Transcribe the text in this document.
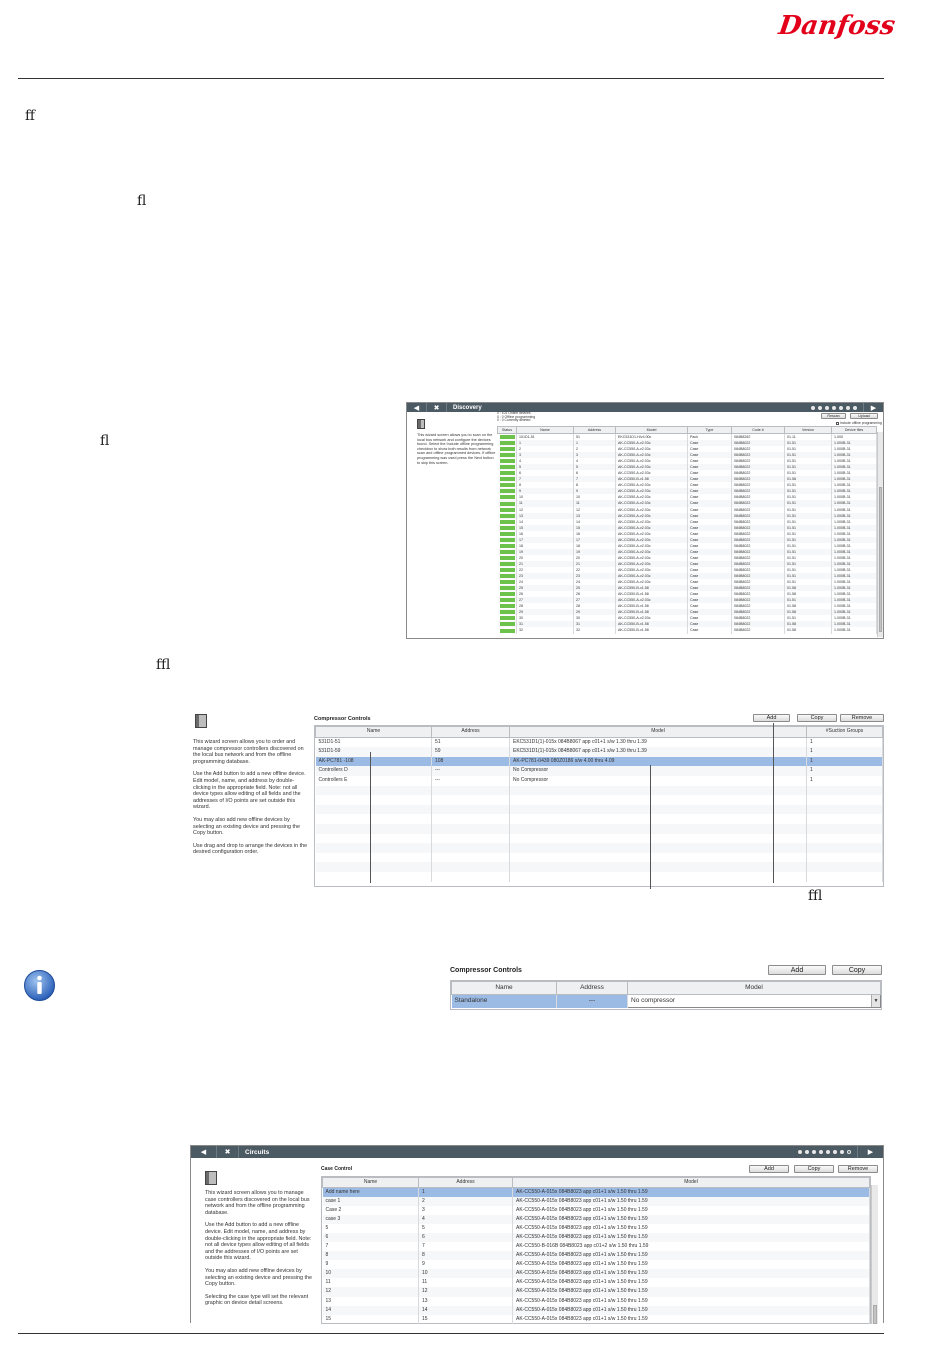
Danfoss
ﬀ
ﬂ
ﬂ
ﬄ
ﬄ
◀	✖	Discovery	▶
This wizard screen allows you to scan on the local bus network and configure the devices found. Select the Include offline programming checkbox to show both results from network scan and offline programmed devices. If offline programming was used press the Next button to skip this screen.
0 : 101 Online devices
0 : 0 Offline programming
0 : 0 Currently deleted
Rescan	Upload
Include offline programming
Status	Name	Address	Model	Type	Code #	Version	Device files
	101D1-51	51	EKC531D1-H/v4.00c	Pack	084B8262	01.11	1.000
	1	1	AK-CC550-A-v2.03c	Case	084B8022	01.51	1.000B-31
	2	2	AK-CC550-A-v2.03c	Case	084B8022	01.51	1.000B-31
	3	3	AK-CC550-A-v2.03c	Case	084B8022	01.51	1.000B-31
	4	4	AK-CC550-A-v2.03c	Case	084B8022	01.51	1.000B-31
	5	5	AK-CC550-A-v2.03c	Case	084B8022	01.51	1.000B-31
	6	6	AK-CC550-A-v2.03c	Case	084B8022	01.51	1.000B-31
	7	7	AK-CC550-B-v1.58	Case	084B8022	01.58	1.000B-31
	8	8	AK-CC550-A-v2.03c	Case	084B8022	01.51	1.000B-31
	9	9	AK-CC550-A-v2.03c	Case	084B8022	01.51	1.000B-31
	10	10	AK-CC550-A-v2.03c	Case	084B8022	01.51	1.000B-31
	11	11	AK-CC550-A-v2.03c	Case	084B8022	01.51	1.000B-31
	12	12	AK-CC550-A-v2.03c	Case	084B8022	01.51	1.000B-31
	13	13	AK-CC550-A-v2.03c	Case	084B8022	01.51	1.000B-31
	14	14	AK-CC550-A-v2.03c	Case	084B8022	01.51	1.000B-31
	15	15	AK-CC550-A-v2.03c	Case	084B8022	01.51	1.000B-31
	16	16	AK-CC550-A-v2.03c	Case	084B8022	01.51	1.000B-31
	17	17	AK-CC550-A-v2.03c	Case	084B8022	01.51	1.000B-31
	18	18	AK-CC550-A-v2.03c	Case	084B8022	01.51	1.000B-31
	19	19	AK-CC550-A-v2.03c	Case	084B8022	01.51	1.000B-31
	20	20	AK-CC550-A-v2.03c	Case	084B8022	01.51	1.000B-31
	21	21	AK-CC550-A-v2.03c	Case	084B8022	01.51	1.000B-31
	22	22	AK-CC550-A-v2.03c	Case	084B8022	01.51	1.000B-31
	23	23	AK-CC550-A-v2.03c	Case	084B8022	01.51	1.000B-31
	24	24	AK-CC550-A-v2.03c	Case	084B8022	01.51	1.000B-31
	25	25	AK-CC550-B-v1.58	Case	084B8022	01.58	1.000B-31
	26	26	AK-CC550-B-v1.58	Case	084B8022	01.58	1.000B-31
	27	27	AK-CC550-A-v2.03c	Case	084B8022	01.51	1.000B-31
	28	28	AK-CC550-B-v1.58	Case	084B8022	01.58	1.000B-31
	29	29	AK-CC550-B-v1.58	Case	084B8022	01.58	1.000B-31
	30	30	AK-CC550-A-v2.03c	Case	084B8022	01.51	1.000B-31
	31	31	AK-CC550-B-v1.58	Case	084B8022	01.58	1.000B-31
	32	32	AK-CC550-B-v1.58	Case	084B8022	01.58	1.000B-31

This wizard screen allows you to order and manage compressor controllers discovered on the local bus network and from the offline programming database.

Use the Add button to add a new offline device. Edit model, name, and address by double-clicking in the appropriate field. Note: not all device types allow editing of all fields and the addresses of I/O points are set outside this wizard.

You may also add new offline devices by selecting an existing device and pressing the Copy button.

Use drag and drop to arrange the devices in the desired configuration order.

Compressor Controls	Add	Copy	Remove
Name	Address	Model	#Suction Groups
531D1-51	51	EKC531D1(1)-015x 084B8067 app c01+1 s/w 1.30 thru 1.39	1
531D1-59	59	EKC531D1(1)-015x 084B8067 app c01+1 s/w 1.30 thru 1.39	1
AK-PC781 -108	108	AK-PC781-0439 080Z0186 s/w 4.00 thru 4.09	1
Controllers D	---	No Compressor	1
Controllers E	---	No Compressor	1

Compressor Controls	Add	Copy
Name	Address	Model
Standalone	---	No compressor ▼
◀	✖	Circuits	▶

This wizard screen allows you to manage case controllers discovered on the local bus network and from the offline programming database.

Use the Add button to add a new offline device. Edit model, name, and address by double-clicking in the appropriate field. Note: not all device types allow editing of all fields and the addresses of I/O points are set outside this wizard.

You may also add new offline devices by selecting an existing device and pressing the Copy button.

Selecting the case type will set the relevant graphic on device detail screens.

Case Control	Add	Copy	Remove
Name	Address	Model
Add name here	1	AK-CC550-A-015x 084B8023 app c01+1 s/w 1.50 thru 1.59
case 1	2	AK-CC550-A-015x 084B8023 app c01+1 s/w 1.50 thru 1.59
Case 2	3	AK-CC550-A-015x 084B8023 app c01+1 s/w 1.50 thru 1.59
case 3	4	AK-CC550-A-015x 084B8023 app c01+1 s/w 1.50 thru 1.59
5	5	AK-CC550-A-015x 084B8023 app c01+1 s/w 1.50 thru 1.59
6	6	AK-CC550-A-015x 084B8023 app c01+1 s/w 1.50 thru 1.59
7	7	AK-CC550-B-016B 084B8023 app c01+2 s/w 1.50 thru 1.59
8	8	AK-CC550-A-015x 084B8023 app c01+1 s/w 1.50 thru 1.59
9	9	AK-CC550-A-015x 084B8023 app c01+1 s/w 1.50 thru 1.59
10	10	AK-CC550-A-015x 084B8023 app c01+1 s/w 1.50 thru 1.59
11	11	AK-CC550-A-015x 084B8023 app c01+1 s/w 1.50 thru 1.59
12	12	AK-CC550-A-015x 084B8023 app c01+1 s/w 1.50 thru 1.59
13	13	AK-CC550-A-015x 084B8023 app c01+1 s/w 1.50 thru 1.59
14	14	AK-CC550-A-015x 084B8023 app c01+1 s/w 1.50 thru 1.59
15	15	AK-CC550-A-015x 084B8023 app c01+1 s/w 1.50 thru 1.59
